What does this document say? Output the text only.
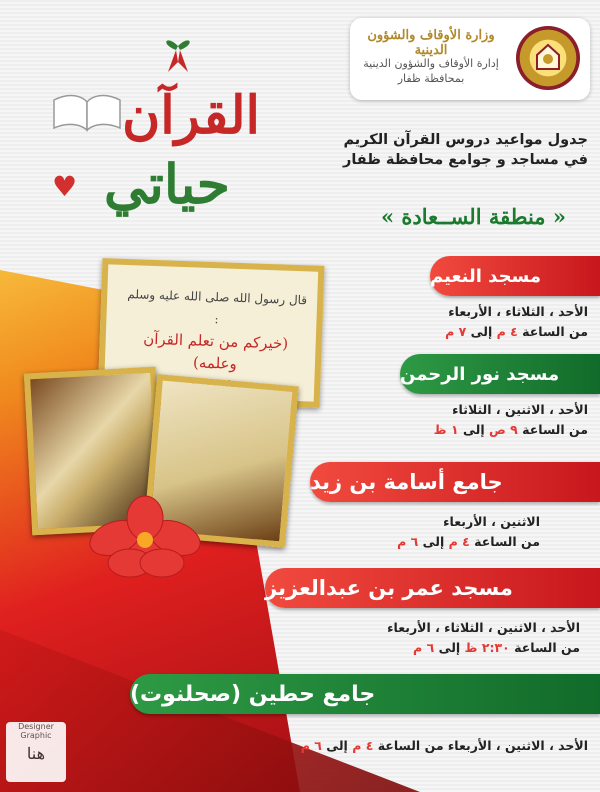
وزارة الأوقاف والشؤون الدينية
إدارة الأوقاف والشؤون الدينية
بمحافظة ظفار
القرآن
حياتي
♥
جدول مواعيد دروس القرآن الكريم
في مساجد و جوامع محافظة ظفار
« منطقة الســعادة »
قال رسول الله صلى الله عليه وسلم :
(خيركم من تعلم القرآن وعلمه)
مسجد النعيم
الأحد ، الثلاثاء ، الأربعاء
من الساعة ٤ م إلى ٧ م
مسجد نور الرحمن
الأحد ، الاثنين ، الثلاثاء
من الساعة ٩ ص إلى ١ ظ
جامع أسامة بن زيد
الاثنين ، الأربعاء
من الساعة ٤ م إلى ٦ م
مسجد عمر بن عبدالعزيز
الأحد ، الاثنين ، الثلاثاء ، الأربعاء
من الساعة ٢:٣٠ ظ إلى ٦ م
جامع حطين (صحلنوت)
الأحد ، الاثنين ، الأربعاء من الساعة ٤ م إلى ٦ م
Designer Graphic
هنا
